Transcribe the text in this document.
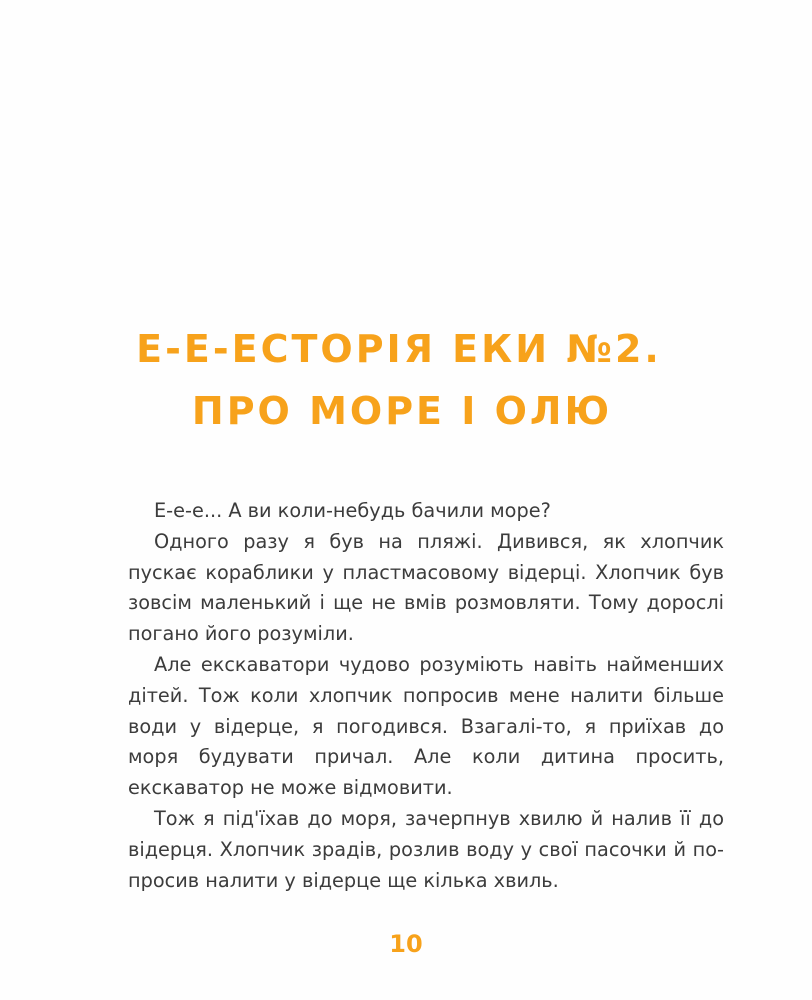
Е-Е-ЕСТОРІЯ ЕКИ №2.
ПРО МОРЕ І ОЛЮ

Е-е-е... А ви коли-небудь бачили море?

Одного разу я був на пляжі. Дивився, як хлопчик пускає кораблики у пластмасовому відерці. Хлопчик був зовсім маленький і ще не вмів розмовляти. Тому дорослі погано його розуміли.

Але екскаватори чудово розуміють навіть найменших дітей. Тож коли хлопчик попросив мене налити більше води у відерце, я погодився. Взагалі-то, я приїхав до моря будувати причал. Але коли дитина просить, екскаватор не може відмовити.

Тож я під'їхав до моря, зачерпнув хвилю й налив її до відерця. Хлопчик зрадів, розлив воду у свої пасочки й по-просив налити у відерце ще кілька хвиль.

10
